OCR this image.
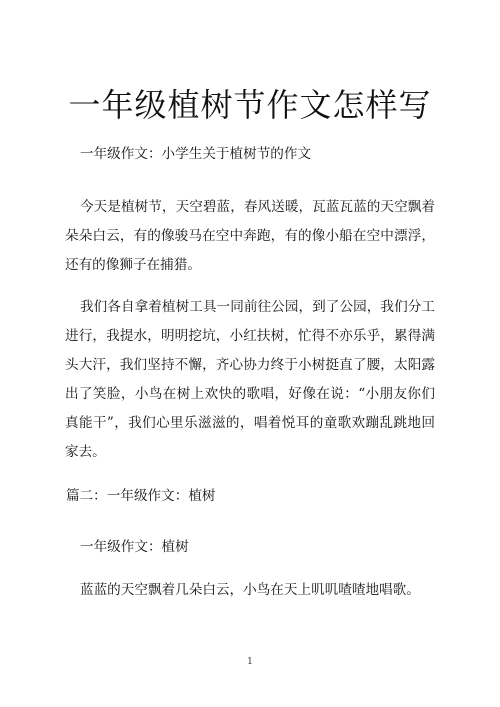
一年级植树节作文怎样写
一年级作文：小学生关于植树节的作文
今天是植树节，天空碧蓝，春风送暖，瓦蓝瓦蓝的天空飘着朵朵白云，有的像骏马在空中奔跑，有的像小船在空中漂浮，还有的像狮子在捕猎。
我们各自拿着植树工具一同前往公园，到了公园，我们分工进行，我提水，明明挖坑，小红扶树，忙得不亦乐乎，累得满头大汗，我们坚持不懈，齐心协力终于小树挺直了腰，太阳露出了笑脸，小鸟在树上欢快的歌唱，好像在说：“小朋友你们真能干”，我们心里乐滋滋的，唱着悦耳的童歌欢蹦乱跳地回家去。
篇二：一年级作文：植树
一年级作文：植树
蓝蓝的天空飘着几朵白云，小鸟在天上叽叽喳喳地唱歌。
1
